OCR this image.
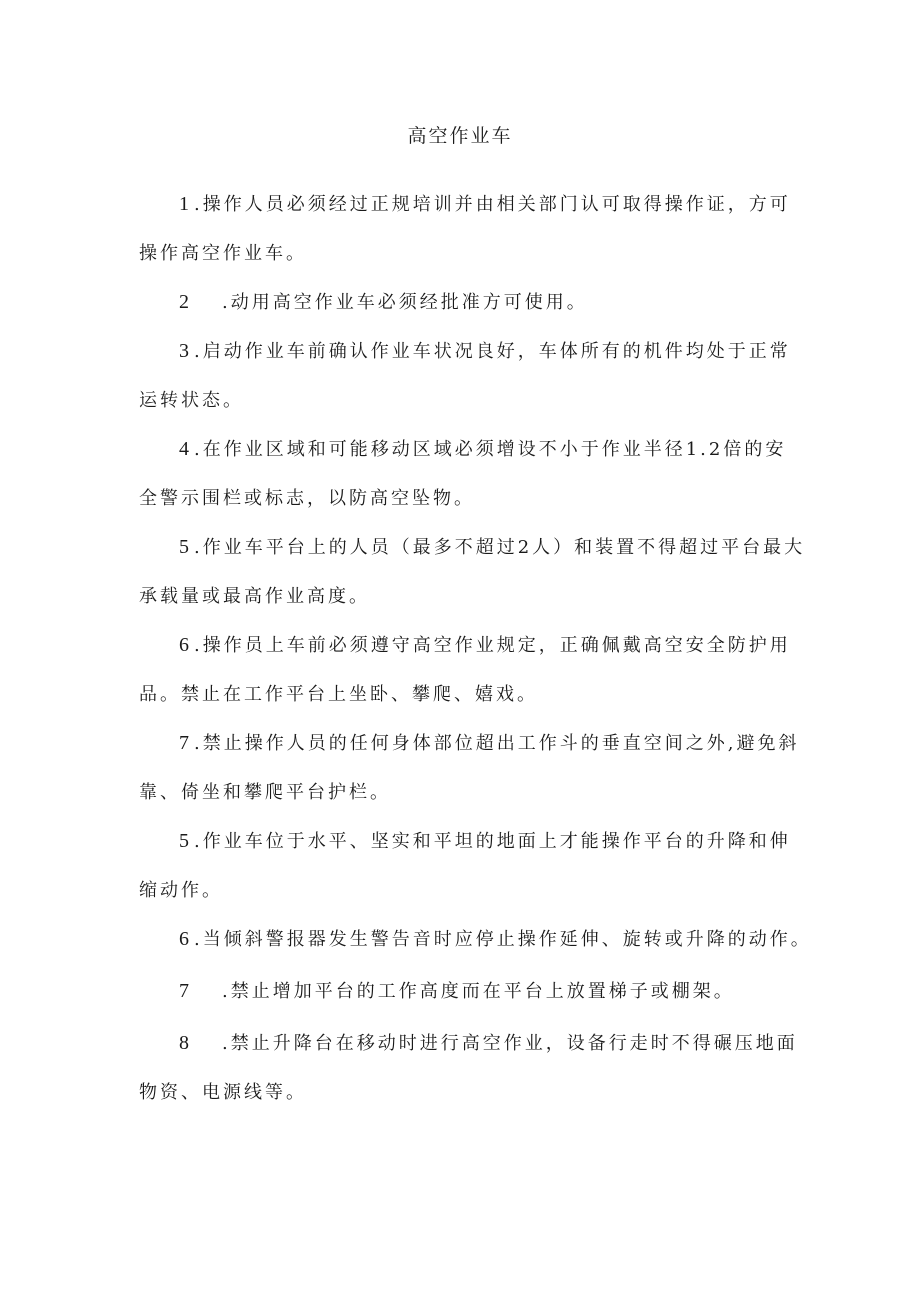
高空作业车
1 .操作人员必须经过正规培训并由相关部门认可取得操作证，方可
操作高空作业车。
2 .动用高空作业车必须经批准方可使用。
3 .启动作业车前确认作业车状况良好，车体所有的机件均处于正常
运转状态。
4 .在作业区域和可能移动区域必须增设不小于作业半径1.2倍的安
全警示围栏或标志，以防高空坠物。
5 .作业车平台上的人员（最多不超过2人）和装置不得超过平台最大
承载量或最高作业高度。
6 .操作员上车前必须遵守高空作业规定，正确佩戴高空安全防护用
品。禁止在工作平台上坐卧、攀爬、嬉戏。
7 .禁止操作人员的任何身体部位超出工作斗的垂直空间之外,避免斜
靠、倚坐和攀爬平台护栏。
5 .作业车位于水平、坚实和平坦的地面上才能操作平台的升降和伸
缩动作。
6 .当倾斜警报器发生警告音时应停止操作延伸、旋转或升降的动作。
7 .禁止增加平台的工作高度而在平台上放置梯子或棚架。
8 .禁止升降台在移动时进行高空作业，设备行走时不得碾压地面
物资、电源线等。
